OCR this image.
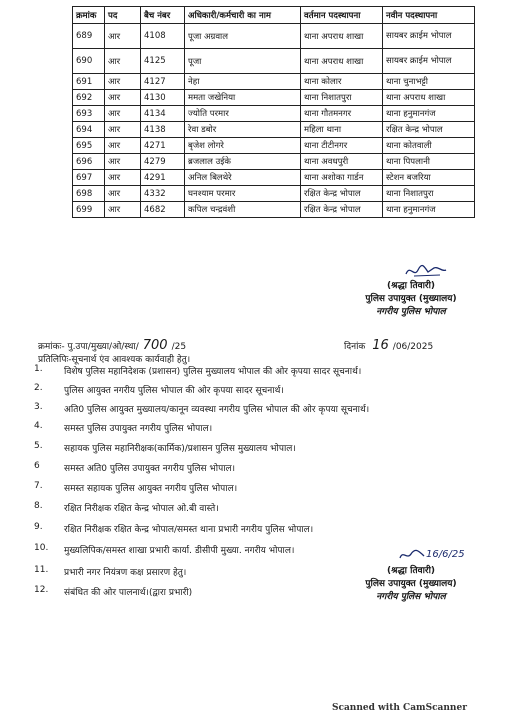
क्रमांक	पद	बैच नंबर	अधिकारी/कर्मचारी का नाम	वर्तमान पदस्थापना	नवीन पदस्थापना
689	आर	4108	पूजा अग्रवाल	थाना अपराध शाखा	सायबर क्राईम भोपाल
690	आर	4125	पूजा	थाना अपराध शाखा	सायबर क्राईम भोपाल
691	आर	4127	नेहा	थाना कोलार	थाना चुनाभट्टी
692	आर	4130	ममता जखेनिया	थाना निशातपुरा	थाना अपराध शाखा
693	आर	4134	ज्योति परमार	थाना गौतमनगर	थाना हनुमानगंज
694	आर	4138	रेवा डबोर	महिला थाना	रक्षित केन्द्र भोपाल
695	आर	4271	बृजेश लोगरे	थाना टीटीनगर	थाना कोतवाली
696	आर	4279	ब्रजलाल उईके	थाना अवधपुरी	थाना पिपलानी
697	आर	4291	अनिल बिलथेरे	थाना अशोका गार्डन	स्टेशन बजरिया
698	आर	4332	घनश्याम परमार	रक्षित केन्द्र भोपाल	थाना निशातपुरा
699	आर	4682	कपिल चन्द्रवंशी	रक्षित केन्द्र भोपाल	थाना हनुमानगंज
(श्रद्धा तिवारी)
पुलिस उपायुक्त (मुख्यालय)
नगरीय पुलिस भोपाल
क्रमांकः- पु.उपा/मुख्या/ओ/स्था/ 700 /25	दिनांक 16 /06/2025
प्रतिलिपिः-सूचनार्थ एंव आवश्यक कार्यवाही हेतु।
1.	विशेष पुलिस महानिदेशक (प्रशासन) पुलिस मुख्यालय भोपाल की ओर कृपया सादर सूचनार्थ।
2.	पुलिस आयुक्त नगरीय पुलिस भोपाल की ओर कृपया सादर सूचनार्थ।
3.	अति0 पुलिस आयुक्त मुख्यालय/कानून व्यवस्था नगरीय पुलिस भोपाल की ओर कृपया सूचनार्थ।
4.	समस्त पुलिस उपायुक्त नगरीय पुलिस भोपाल।
5.	सहायक पुलिस महानिरीक्षक(कार्मिक)/प्रशासन पुलिस मुख्यालय भोपाल।
6	समस्त अति0 पुलिस उपायुक्त नगरीय पुलिस भोपाल।
7.	समस्त सहायक पुलिस आयुक्त नगरीय पुलिस भोपाल।
8.	रक्षित निरीक्षक रक्षित केन्द्र भोपाल ओ.बी वास्ते।
9.	रक्षित निरीक्षक रक्षित केन्द्र भोपाल/समस्त थाना प्रभारी नगरीय पुलिस भोपाल।
10.	मुख्यलिपिक/समस्त शाखा प्रभारी कार्या. डीसीपी मुख्या. नगरीय भोपाल।
11.	प्रभारी नगर नियंत्रण कक्ष प्रसारण हेतु।
12.	संबंधित की ओर पालनार्थ।(द्वारा प्रभारी)
16/6/25
(श्रद्धा तिवारी)
पुलिस उपायुक्त (मुख्यालय)
नगरीय पुलिस भोपाल
Scanned with CamScanner
